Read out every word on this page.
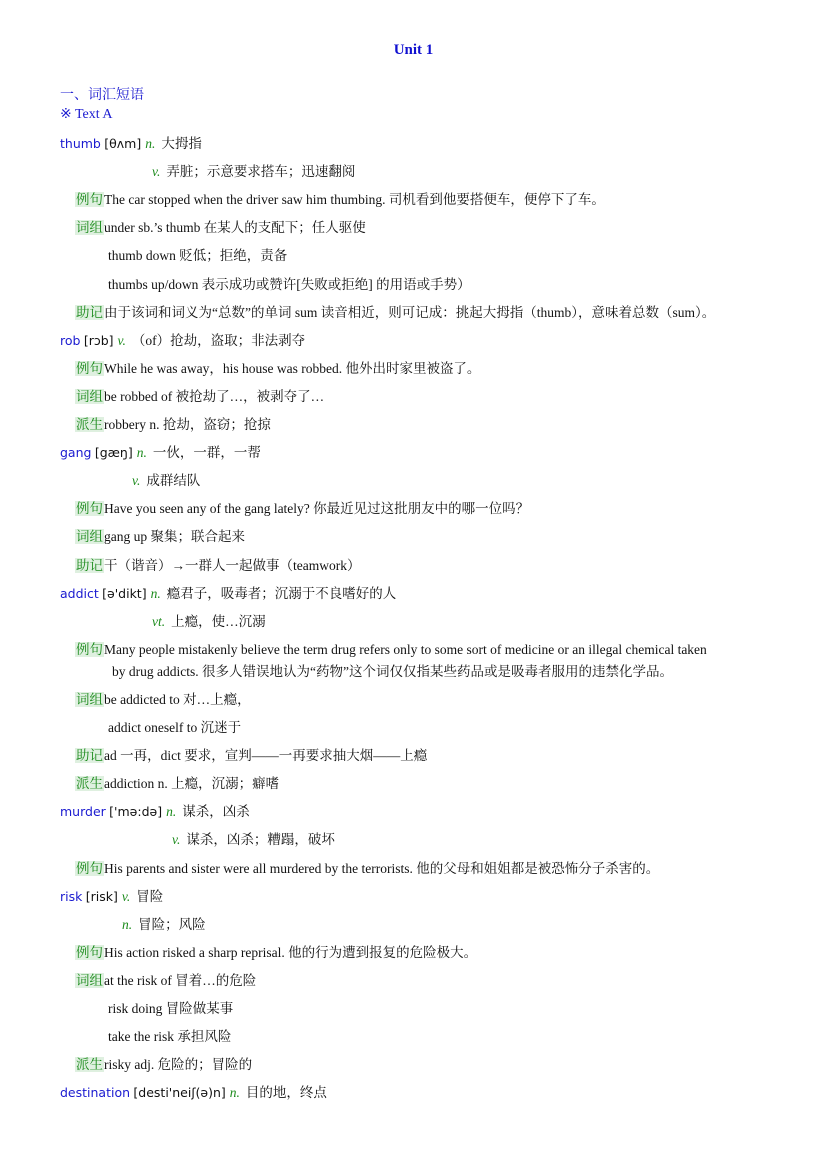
Unit 1
一、词汇短语
※ Text A
thumb [θʌm] n. 大拇指
v. 弄脏；示意要求搭车；迅速翻阅
例句The car stopped when the driver saw him thumbing. 司机看到他要搭便车，便停下了车。
词组under sb.’s thumb 在某人的支配下；任人驱使
thumb down 贬低；拒绝，责备
thumbs up/down 表示成功或赞许[失败或拒绝] 的用语或手势）
助记由于该词和词义为“总数”的单词 sum 读音相近，则可记成：挑起大拇指（thumb），意味着总数（sum）。
rob [rɔb] v. （of）抢劫，盗取；非法剥夺
例句While he was away，his house was robbed. 他外出时家里被盗了。
词组be robbed of 被抢劫了…，被剥夺了…
派生robbery n. 抢劫，盗窃；抢掠
gang [gæŋ] n. 一伙，一群，一帮
v. 成群结队
例句Have you seen any of the gang lately? 你最近见过这批朋友中的哪一位吗？
词组gang up 聚集；联合起来
助记干（谐音）→一群人一起做事（teamwork）
addict [ə'dikt] n. 瘾君子，吸毒者；沉溺于不良嗜好的人
vt. 上瘾，使…沉溺
例句Many people mistakenly believe the term drug refers only to some sort of medicine or an illegal chemical taken
by drug addicts. 很多人错误地认为“药物”这个词仅仅指某些药品或是吸毒者服用的违禁化学品。
词组be addicted to 对…上瘾，
addict oneself to 沉迷于
助记ad 一再，dict 要求，宣判——一再要求抽大烟——上瘾
派生addiction n. 上瘾，沉溺；癖嗜
murder ['mə:də] n. 谋杀，凶杀
v. 谋杀，凶杀；糟蹋，破坏
例句His parents and sister were all murdered by the terrorists. 他的父母和姐姐都是被恐怖分子杀害的。
risk [risk] v. 冒险
n. 冒险；风险
例句His action risked a sharp reprisal. 他的行为遭到报复的危险极大。
词组at the risk of 冒着…的危险
risk doing 冒险做某事
take the risk 承担风险
派生risky adj. 危险的；冒险的
destination [desti'neiʃ(ə)n] n. 目的地，终点
